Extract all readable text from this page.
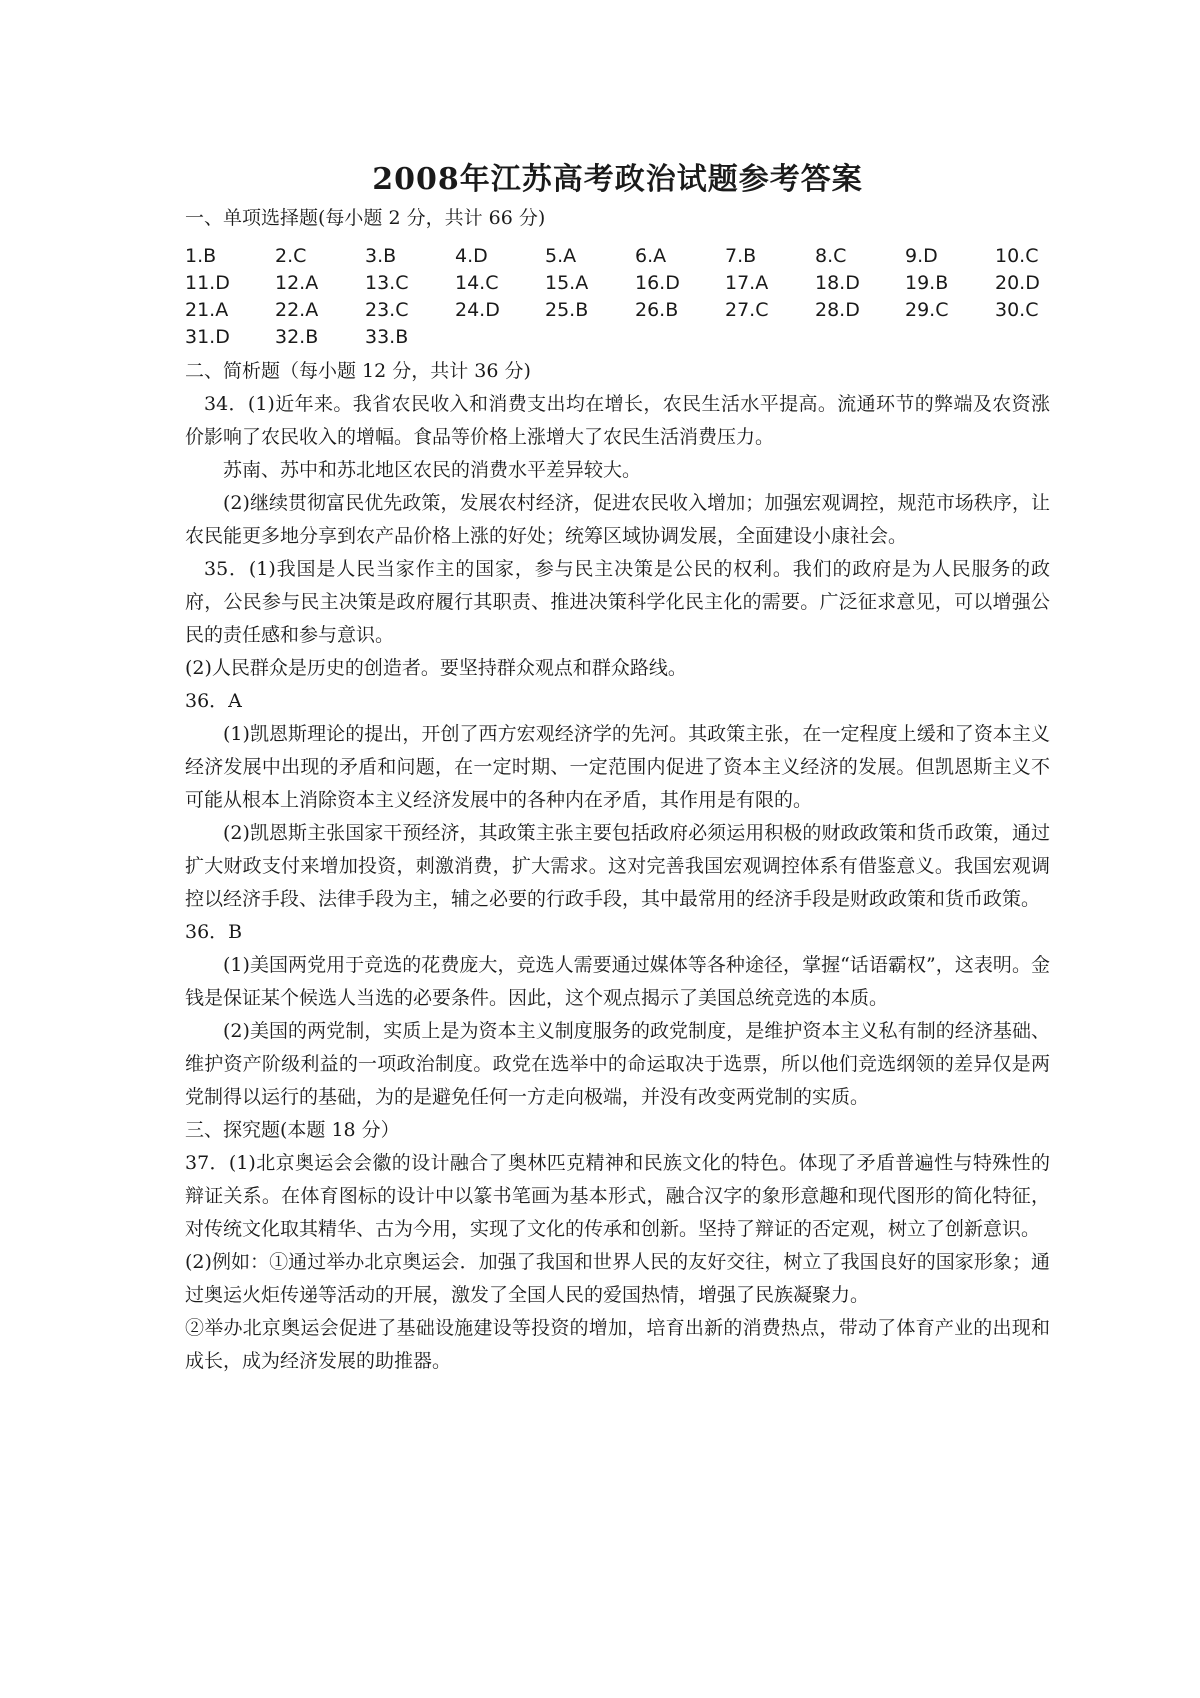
2008年江苏高考政治试题参考答案

一、单项选择题(每小题 2 分，共计 66 分)

1.B	2.C	3.B	4.D	5.A	6.A	7.B	8.C	9.D	10.C
11.D	12.A	13.C	14.C	15.A	16.D	17.A	18.D	19.B	20.D
21.A	22.A	23.C	24.D	25.B	26.B	27.C	28.D	29.C	30.C
31.D	32.B	33.B

二、简析题（每小题 12 分，共计 36 分)

34．(1)近年来。我省农民收入和消费支出均在增长，农民生活水平提高。流通环节的弊端及农资涨价影响了农民收入的增幅。食品等价格上涨增大了农民生活消费压力。

苏南、苏中和苏北地区农民的消费水平差异较大。

(2)继续贯彻富民优先政策，发展农村经济，促进农民收入增加；加强宏观调控，规范市场秩序，让农民能更多地分享到农产品价格上涨的好处；统筹区域协调发展，全面建设小康社会。

35．(1)我国是人民当家作主的国家，参与民主决策是公民的权利。我们的政府是为人民服务的政府，公民参与民主决策是政府履行其职责、推进决策科学化民主化的需要。广泛征求意见，可以增强公民的责任感和参与意识。

(2)人民群众是历史的创造者。要坚持群众观点和群众路线。

36．A

(1)凯恩斯理论的提出，开创了西方宏观经济学的先河。其政策主张，在一定程度上缓和了资本主义经济发展中出现的矛盾和问题，在一定时期、一定范围内促进了资本主义经济的发展。但凯恩斯主义不可能从根本上消除资本主义经济发展中的各种内在矛盾，其作用是有限的。

(2)凯恩斯主张国家干预经济，其政策主张主要包括政府必须运用积极的财政政策和货币政策，通过扩大财政支付来增加投资，刺激消费，扩大需求。这对完善我国宏观调控体系有借鉴意义。我国宏观调控以经济手段、法律手段为主，辅之必要的行政手段，其中最常用的经济手段是财政政策和货币政策。

36．B

(1)美国两党用于竞选的花费庞大，竞选人需要通过媒体等各种途径，掌握“话语霸权”，这表明。金钱是保证某个候选人当选的必要条件。因此，这个观点揭示了美国总统竞选的本质。

(2)美国的两党制，实质上是为资本主义制度服务的政党制度，是维护资本主义私有制的经济基础、维护资产阶级利益的一项政治制度。政党在选举中的命运取决于选票，所以他们竞选纲领的差异仅是两党制得以运行的基础，为的是避免任何一方走向极端，并没有改变两党制的实质。

三、探究题(本题 18 分）

37．(1)北京奥运会会徽的设计融合了奥林匹克精神和民族文化的特色。体现了矛盾普遍性与特殊性的辩证关系。在体育图标的设计中以篆书笔画为基本形式，融合汉字的象形意趣和现代图形的简化特征，对传统文化取其精华、古为今用，实现了文化的传承和创新。坚持了辩证的否定观，树立了创新意识。

(2)例如：①通过举办北京奥运会．加强了我国和世界人民的友好交往，树立了我国良好的国家形象；通过奥运火炬传递等活动的开展，激发了全国人民的爱国热情，增强了民族凝聚力。

②举办北京奥运会促进了基础设施建设等投资的增加，培育出新的消费热点，带动了体育产业的出现和成长，成为经济发展的助推器。
